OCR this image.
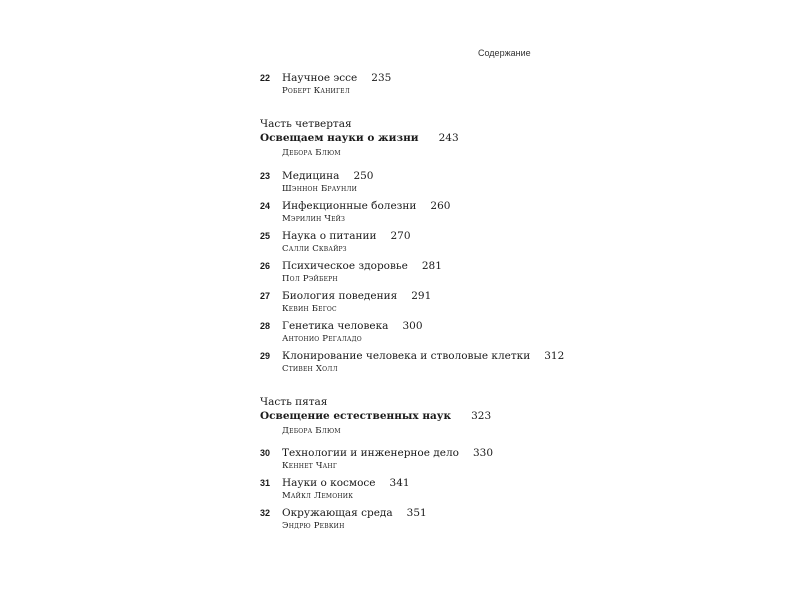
Содержание
22 Научное эссе 235
Роберт Канигел
Часть четвертая
Освещаем науки о жизни 243
Дебора Блюм
23 Медицина 250
Шэннон Браунли
24 Инфекционные болезни 260
Мэрилин Чейз
25 Наука о питании 270
Салли Сквайрз
26 Психическое здоровье 281
Пол Рэйберн
27 Биология поведения 291
Кевин Бегос
28 Генетика человека 300
Антонио Регаладо
29 Клонирование человека и стволовые клетки 312
Стивен Холл
Часть пятая
Освещение естественных наук 323
Дебора Блюм
30 Технологии и инженерное дело 330
Кеннет Чанг
31 Науки о космосе 341
Майкл Лемоник
32 Окружающая среда 351
Эндрю Ревкин
